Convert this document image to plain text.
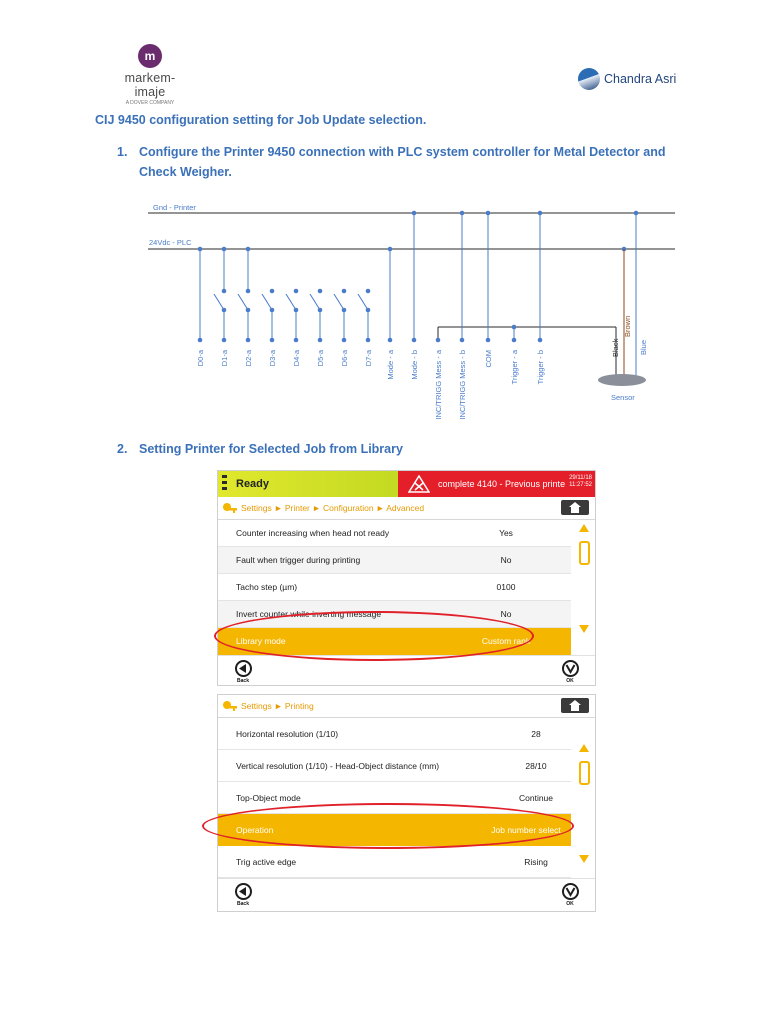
m
markem-imaje
A DOVER COMPANY
Chandra Asri
CIJ 9450 configuration setting for Job Update selection.
1. Configure the Printer 9450 connection with PLC system controller for Metal Detector and
Check Weigher.
Gnd - Printer
24Vdc - PLC
D0-a D1-a D2-a D3-a D4-a D5-a D6-a D7-a Mode - a Mode - b INC/TRIGG Mess - a INC/TRIGG Mess - b COM Trigger - a Trigger - b
Sensor
Black
Brown
Blue
2. Setting Printer for Selected Job from Library
Ready	complete 4140 - Previous printe
29/11/18
11:27:52
Settings ► Printer ► Configuration ► Advanced
Counter increasing when head not ready	Yes
Fault when trigger during printing	No
Tacho step (µm)	0100
Invert counter while inverting message	No
Library mode	Custom rank
Back	OK
Settings ► Printing
Horizontal resolution (1/10)	28
Vertical resolution (1/10) - Head-Object distance (mm)	28/10
Top-Object mode	Continue
Operation	Job number select
Trig active edge	Rising
Back	OK
